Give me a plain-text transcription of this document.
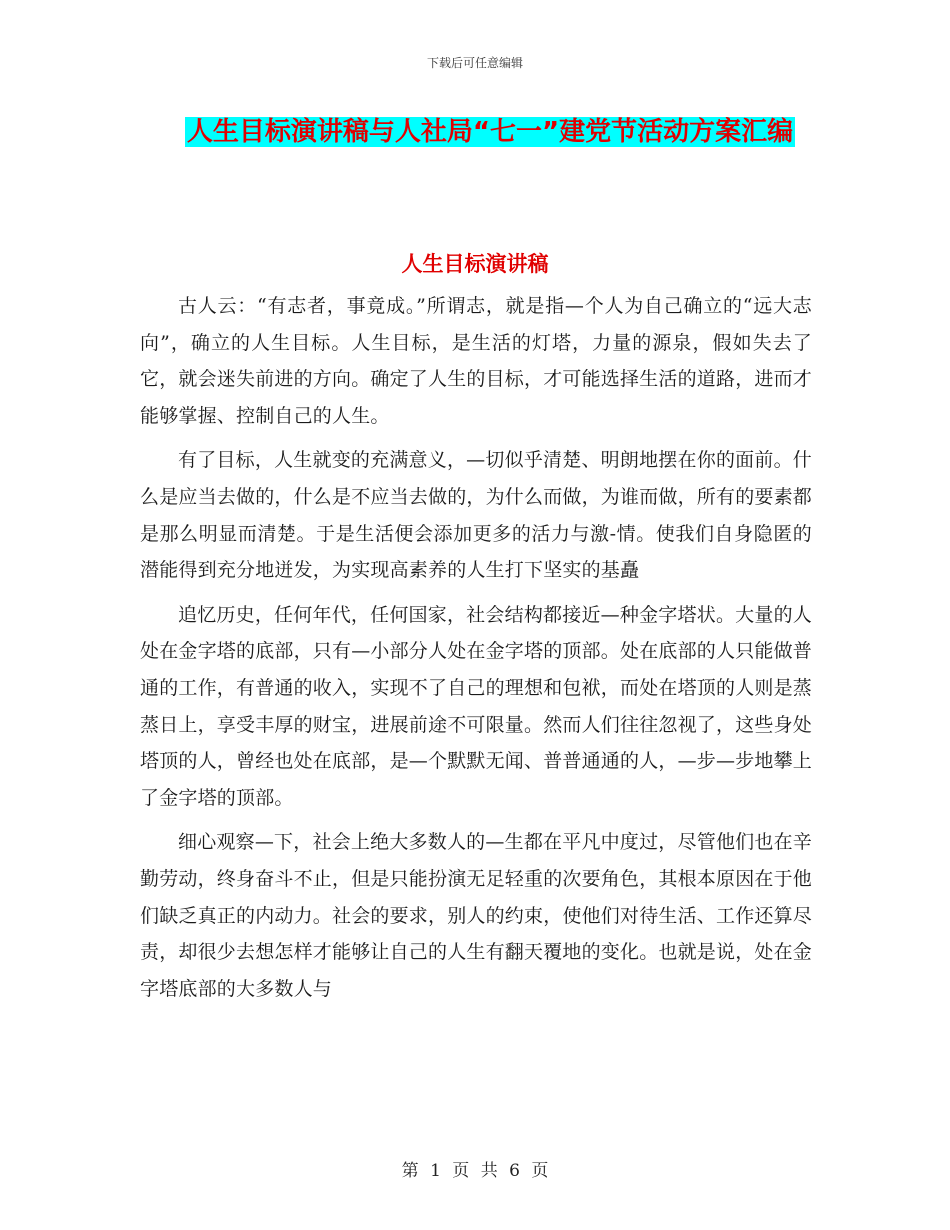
下载后可任意编辑
人生目标演讲稿与人社局“七一”建党节活动方案汇编
人生目标演讲稿

古人云：“有志者，事竟成。”所谓志，就是指—个人为自己确立的“远大志向”，确立的人生目标。人生目标，是生活的灯塔，力量的源泉，假如失去了它，就会迷失前进的方向。确定了人生的目标，才可能选择生活的道路，进而才能够掌握、控制自己的人生。

有了目标，人生就变的充满意义，—切似乎清楚、明朗地摆在你的面前。什么是应当去做的，什么是不应当去做的，为什么而做，为谁而做，所有的要素都是那么明显而清楚。于是生活便会添加更多的活力与激-情。使我们自身隐匿的潜能得到充分地迸发，为实现高素养的人生打下坚实的基矗

追忆历史，任何年代，任何国家，社会结构都接近—种金字塔状。大量的人处在金字塔的底部，只有—小部分人处在金字塔的顶部。处在底部的人只能做普通的工作，有普通的收入，实现不了自己的理想和包袱，而处在塔顶的人则是蒸蒸日上，享受丰厚的财宝，进展前途不可限量。然而人们往往忽视了，这些身处塔顶的人，曾经也处在底部，是—个默默无闻、普普通通的人，—步—步地攀上了金字塔的顶部。

细心观察—下，社会上绝大多数人的—生都在平凡中度过，尽管他们也在辛勤劳动，终身奋斗不止，但是只能扮演无足轻重的次要角色，其根本原因在于他们缺乏真正的内动力。社会的要求，别人的约束，使他们对待生活、工作还算尽责，却很少去想怎样才能够让自己的人生有翻天覆地的变化。也就是说，处在金字塔底部的大多数人与

第 1 页 共 6 页
